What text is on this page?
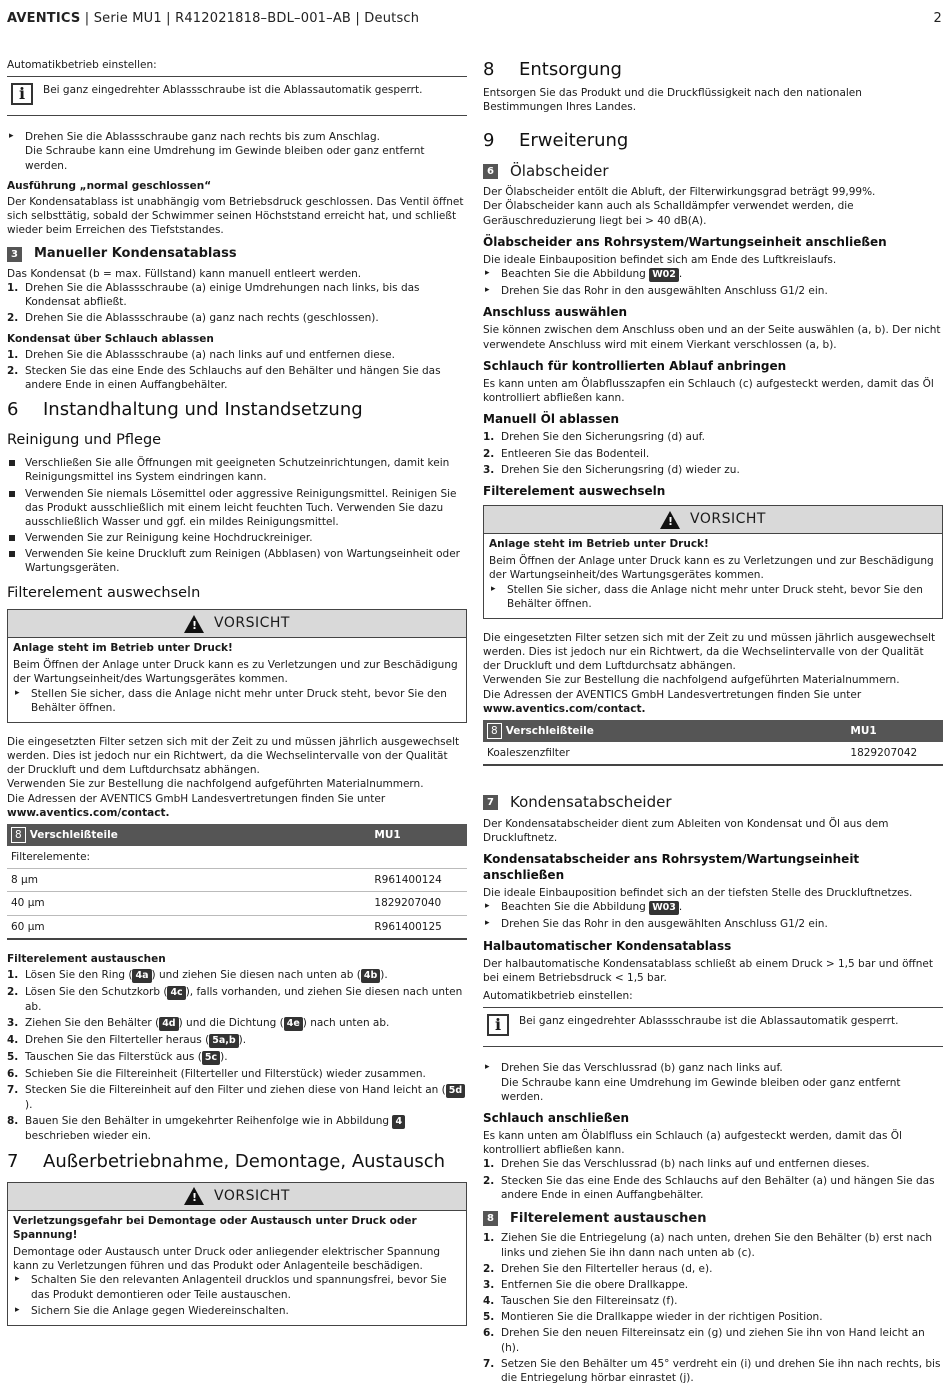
AVENTICS | Serie MU1 | R412021818–BDL–001–AB | Deutsch	2

Automatikbetrieb einstellen:

i	Bei ganz eingedrehter Ablassschraube ist die Ablassautomatik gesperrt.

▸ Drehen Sie die Ablassschraube ganz nach rechts bis zum Anschlag.
Die Schraube kann eine Umdrehung im Gewinde bleiben oder ganz entfernt werden.

Ausführung „normal geschlossen“

Der Kondensatablass ist unabhängig vom Betriebsdruck geschlossen. Das Ventil öffnet sich selbsttätig, sobald der Schwimmer seinen Höchststand erreicht hat, und schließt wieder beim Erreichen des Tiefststandes.

3	Manueller Kondensatablass

Das Kondensat (b = max. Füllstand) kann manuell entleert werden.

1. Drehen Sie die Ablassschraube (a) einige Umdrehungen nach links, bis das Kondensat abfließt.
2. Drehen Sie die Ablassschraube (a) ganz nach rechts (geschlossen).

Kondensat über Schlauch ablassen

1. Drehen Sie die Ablassschraube (a) nach links auf und entfernen diese.
2. Stecken Sie das eine Ende des Schlauchs auf den Behälter und hängen Sie das andere Ende in einen Auffangbehälter.
6 Instandhaltung und Instandsetzung

Reinigung und Pflege

Verschließen Sie alle Öffnungen mit geeigneten Schutzeinrichtungen, damit kein Reinigungsmittel ins System eindringen kann.
Verwenden Sie niemals Lösemittel oder aggressive Reinigungsmittel. Reinigen Sie das Produkt ausschließlich mit einem leicht feuchten Tuch. Verwenden Sie dazu ausschließlich Wasser und ggf. ein mildes Reinigungsmittel.
Verwenden Sie zur Reinigung keine Hochdruckreiniger.
Verwenden Sie keine Druckluft zum Reinigen (Abblasen) von Wartungseinheit oder Wartungsgeräten.

Filterelement auswechseln

! VORSICHT

Anlage steht im Betrieb unter Druck!

Beim Öffnen der Anlage unter Druck kann es zu Verletzungen und zur Beschädigung der Wartungseinheit/des Wartungsgerätes kommen.

▸ Stellen Sie sicher, dass die Anlage nicht mehr unter Druck steht, bevor Sie den Behälter öffnen.

Die eingesetzten Filter setzen sich mit der Zeit zu und müssen jährlich ausgewechselt werden. Dies ist jedoch nur ein Richtwert, da die Wechselintervalle von der Qualität der Druckluft und dem Luftdurchsatz abhängen.

Verwenden Sie zur Bestellung die nachfolgend aufgeführten Materialnummern.

Die Adressen der AVENTICS GmbH Landesvertretungen finden Sie unter

www.aventics.com/contact.

8 Verschleißteile	MU1
Filterelemente:	
8 µm	R961400124
40 µm	1829207040
60 µm	R961400125

Filterelement austauschen

1. Lösen Sie den Ring ( 4a ) und ziehen Sie diesen nach unten ab ( 4b ).
2. Lösen Sie den Schutzkorb ( 4c ), falls vorhanden, und ziehen Sie diesen nach unten ab.
3. Ziehen Sie den Behälter ( 4d ) und die Dichtung ( 4e ) nach unten ab.
4. Drehen Sie den Filterteller heraus ( 5a,b ).
5. Tauschen Sie das Filterstück aus ( 5c ).
6. Schieben Sie die Filtereinheit (Filterteller und Filterstück) wieder zusammen.
7. Stecken Sie die Filtereinheit auf den Filter und ziehen diese von Hand leicht an ( 5d).
8. Bauen Sie den Behälter in umgekehrter Reihenfolge wie in Abbildung 4 beschrieben wieder ein.
7 Außerbetriebnahme, Demontage, Austausch
! VORSICHT

Verletzungsgefahr bei Demontage oder Austausch unter Druck oder Spannung!

Demontage oder Austausch unter Druck oder anliegender elektrischer Spannung kann zu Verletzungen führen und das Produkt oder Anlagenteile beschädigen.

▸ Schalten Sie den relevanten Anlagenteil drucklos und spannungsfrei, bevor Sie das Produkt demontieren oder Teile austauschen.
▸ Sichern Sie die Anlage gegen Wiedereinschalten.
8 Entsorgung

Entsorgen Sie das Produkt und die Druckflüssigkeit nach den nationalen Bestimmungen Ihres Landes.

9 Erweiterung
6 Ölabscheider

Der Ölabscheider entölt die Abluft, der Filterwirkungsgrad beträgt 99,99%.

Der Ölabscheider kann auch als Schalldämpfer verwendet werden, die Geräuschreduzierung liegt bei > 40 dB(A).

Ölabscheider ans Rohrsystem/Wartungseinheit anschließen

Die ideale Einbauposition befindet sich am Ende des Luftkreislaufs.

▸ Beachten Sie die Abbildung W02 .
▸ Drehen Sie das Rohr in den ausgewählten Anschluss G1/2 ein.

Anschluss auswählen

Sie können zwischen dem Anschluss oben und an der Seite auswählen (a, b). Der nicht verwendete Anschluss wird mit einem Vierkant verschlossen (a, b).

Schlauch für kontrollierten Ablauf anbringen

Es kann unten am Ölabflusszapfen ein Schlauch (c) aufgesteckt werden, damit das Öl kontrolliert abfließen kann.

Manuell Öl ablassen

1. Drehen Sie den Sicherungsring (d) auf.
2. Entleeren Sie das Bodenteil.
3. Drehen Sie den Sicherungsring (d) wieder zu.

Filterelement auswechseln

! VORSICHT

Anlage steht im Betrieb unter Druck!

Beim Öffnen der Anlage unter Druck kann es zu Verletzungen und zur Beschädigung der Wartungseinheit/des Wartungsgerätes kommen.

▸ Stellen Sie sicher, dass die Anlage nicht mehr unter Druck steht, bevor Sie den Behälter öffnen.

Die eingesetzten Filter setzen sich mit der Zeit zu und müssen jährlich ausgewechselt werden. Dies ist jedoch nur ein Richtwert, da die Wechselintervalle von der Qualität der Druckluft und dem Luftdurchsatz abhängen.

Verwenden Sie zur Bestellung die nachfolgend aufgeführten Materialnummern.

Die Adressen der AVENTICS GmbH Landesvertretungen finden Sie unter

www.aventics.com/contact.

8 Verschleißteile	MU1
Koaleszenzfilter	1829207042
7 Kondensatabscheider

Der Kondensatabscheider dient zum Ableiten von Kondensat und Öl aus dem Druckluftnetz.

Kondensatabscheider ans Rohrsystem/Wartungseinheit anschließen

Die ideale Einbauposition befindet sich an der tiefsten Stelle des Druckluftnetzes.

▸ Beachten Sie die Abbildung W03 .
▸ Drehen Sie das Rohr in den ausgewählten Anschluss G1/2 ein.

Halbautomatischer Kondensatablass

Der halbautomatische Kondensatablass schließt ab einem Druck > 1,5 bar und öffnet bei einem Betriebsdruck < 1,5 bar.

Automatikbetrieb einstellen:

i	Bei ganz eingedrehter Ablassschraube ist die Ablassautomatik gesperrt.

▸ Drehen Sie das Verschlussrad (b) ganz nach links auf.
Die Schraube kann eine Umdrehung im Gewinde bleiben oder ganz entfernt werden.

Schlauch anschließen

Es kann unten am Ölablfluss ein Schlauch (a) aufgesteckt werden, damit das Öl kontrolliert abfließen kann.

1. Drehen Sie das Verschlussrad (b) nach links auf und entfernen dieses.
2. Stecken Sie das eine Ende des Schlauchs auf den Behälter (a) und hängen Sie das andere Ende in einen Auffangbehälter.
8	Filterelement austauschen
1. Ziehen Sie die Entriegelung (a) nach unten, drehen Sie den Behälter (b) erst nach links und ziehen Sie ihn dann nach unten ab (c).
2. Drehen Sie den Filterteller heraus (d, e).
3. Entfernen Sie die obere Drallkappe.
4. Tauschen Sie den Filtereinsatz (f).
5. Montieren Sie die Drallkappe wieder in der richtigen Position.
6. Drehen Sie den neuen Filtereinsatz ein (g) und ziehen Sie ihn von Hand leicht an (h).
7. Setzen Sie den Behälter um 45° verdreht ein (i) und drehen Sie ihn nach rechts, bis die Entriegelung hörbar einrastet (j).
